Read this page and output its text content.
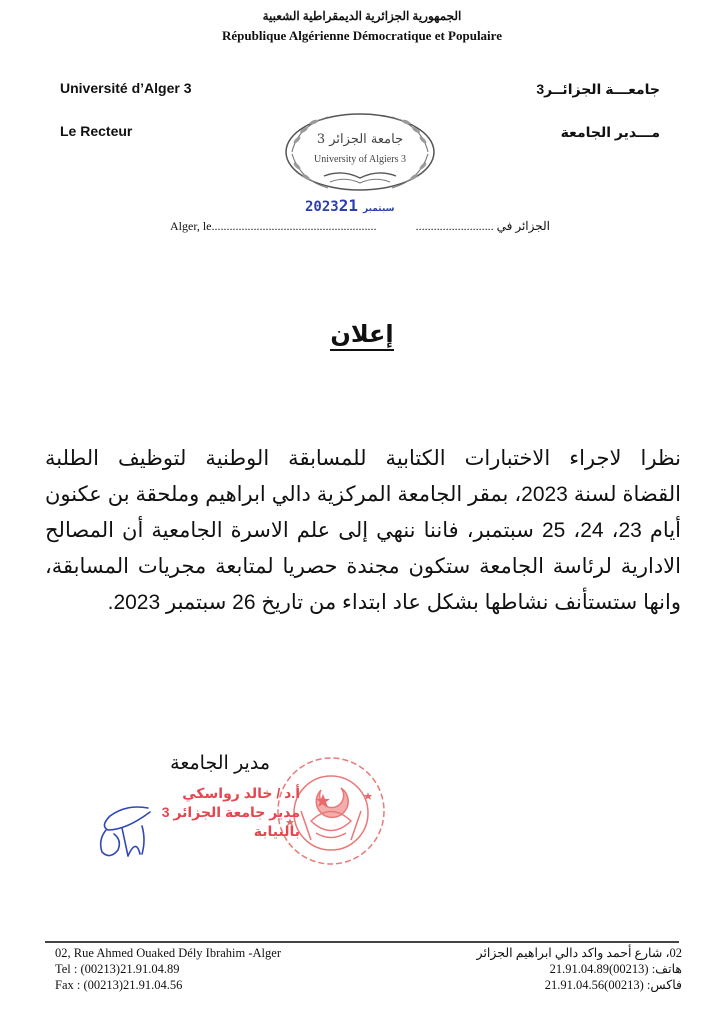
الجمهورية الجزائرية الديمقراطية الشعبية
République Algérienne Démocratique et Populaire
Université d’Alger 3
Le Recteur
جامعـــة الجزائــر3
مـــدير الجامعة
جامعة الجزائر 3
University of Algiers 3
2023	سبتمبر21
Alger, le.......................................................	الجزائر في ..........................
إعلان
نظرا لاجراء الاختبارات الكتابية للمسابقة الوطنية لتوظيف الطلبة
القضاة لسنة 2023، بمقر الجامعة المركزية دالي ابراهيم وملحقة بن عكنون
أيام 23، 24، 25 سبتمبر، فاننا ننهي إلى علم الاسرة الجامعية أن المصالح
الادارية لرئاسة الجامعة ستكون مجندة حصريا لمتابعة مجريات المسابقة،
وانها ستستأنف نشاطها بشكل عاد ابتداء من تاريخ 26 سبتمبر 2023.
مدير الجامعة
أ.د / خالد رواسكي
مدير جامعة الجزائر 3
بالنيابة
02, Rue Ahmed Ouaked Dély Ibrahim -Alger
Tel : (00213)21.91.04.89
Fax : (00213)21.91.04.56
02، شارع أحمد واكد دالي ابراهيم الجزائر
هاتف: (00213)21.91.04.89
فاكس: (00213)21.91.04.56
